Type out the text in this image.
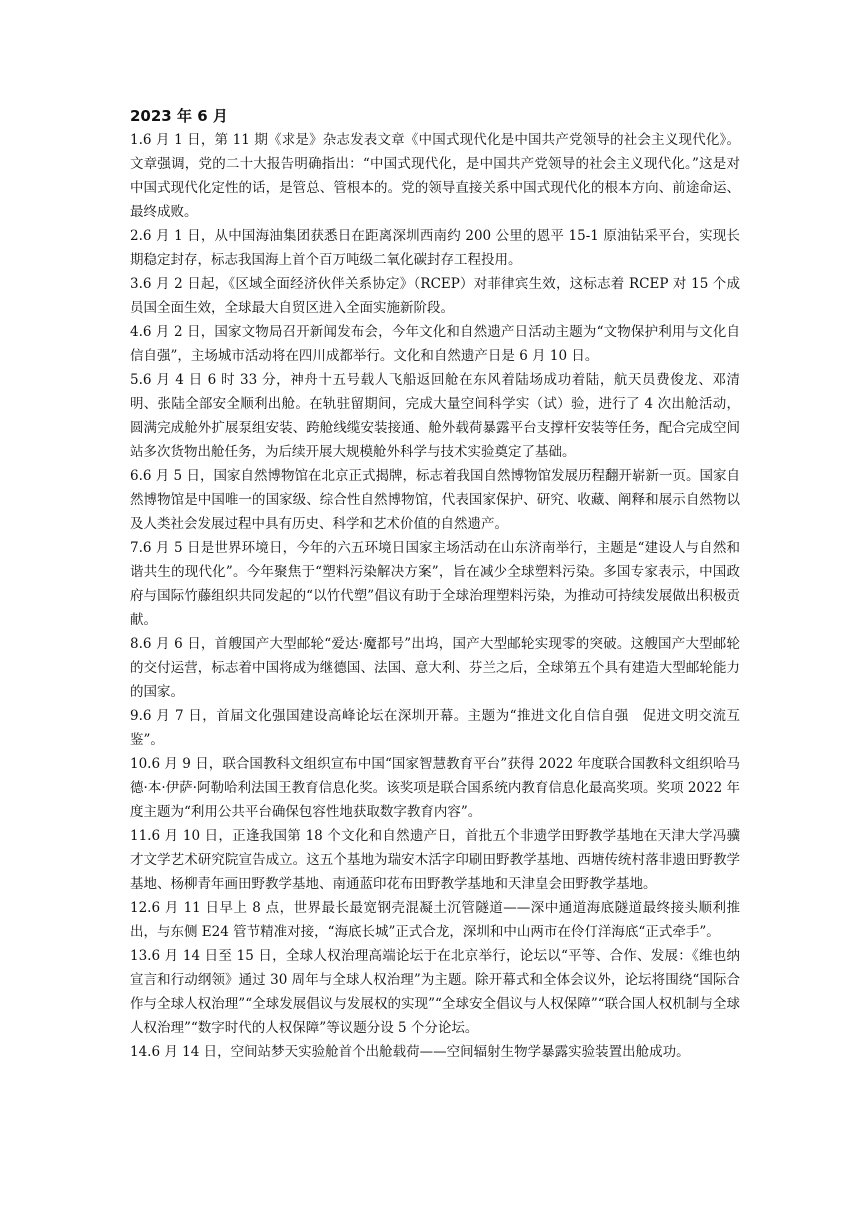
2023 年 6 月

1.6 月 1 日，第 11 期《求是》杂志发表文章《中国式现代化是中国共产党领导的社会主义现代化》。文章强调，党的二十大报告明确指出：“中国式现代化，是中国共产党领导的社会主义现代化。”这是对中国式现代化定性的话，是管总、管根本的。党的领导直接关系中国式现代化的根本方向、前途命运、最终成败。

2.6 月 1 日，从中国海油集团获悉日在距离深圳西南约 200 公里的恩平 15-1 原油钻采平台，实现长期稳定封存，标志我国海上首个百万吨级二氧化碳封存工程投用。

3.6 月 2 日起，《区域全面经济伙伴关系协定》（RCEP）对菲律宾生效，这标志着 RCEP 对 15 个成员国全面生效，全球最大自贸区进入全面实施新阶段。

4.6 月 2 日，国家文物局召开新闻发布会，今年文化和自然遗产日活动主题为“文物保护利用与文化自信自强”，主场城市活动将在四川成都举行。文化和自然遗产日是 6 月 10 日。

5.6 月 4 日 6 时 33 分，神舟十五号载人飞船返回舱在东风着陆场成功着陆，航天员费俊龙、邓清明、张陆全部安全顺利出舱。在轨驻留期间，完成大量空间科学实（试）验，进行了 4 次出舱活动，圆满完成舱外扩展泵组安装、跨舱线缆安装接通、舱外载荷暴露平台支撑杆安装等任务，配合完成空间站多次货物出舱任务，为后续开展大规模舱外科学与技术实验奠定了基础。

6.6 月 5 日，国家自然博物馆在北京正式揭牌，标志着我国自然博物馆发展历程翻开崭新一页。国家自然博物馆是中国唯一的国家级、综合性自然博物馆，代表国家保护、研究、收藏、阐释和展示自然物以及人类社会发展过程中具有历史、科学和艺术价值的自然遗产。

7.6 月 5 日是世界环境日，今年的六五环境日国家主场活动在山东济南举行，主题是“建设人与自然和谐共生的现代化”。今年聚焦于“塑料污染解决方案”，旨在减少全球塑料污染。多国专家表示，中国政府与国际竹藤组织共同发起的“以竹代塑”倡议有助于全球治理塑料污染，为推动可持续发展做出积极贡献。

8.6 月 6 日，首艘国产大型邮轮“爱达·魔都号”出坞，国产大型邮轮实现零的突破。这艘国产大型邮轮的交付运营，标志着中国将成为继德国、法国、意大利、芬兰之后，全球第五个具有建造大型邮轮能力的国家。

9.6 月 7 日，首届文化强国建设高峰论坛在深圳开幕。主题为“推进文化自信自强　促进文明交流互鉴”。

10.6 月 9 日，联合国教科文组织宣布中国“国家智慧教育平台”获得 2022 年度联合国教科文组织哈马德·本·伊萨·阿勒哈利法国王教育信息化奖。该奖项是联合国系统内教育信息化最高奖项。奖项 2022 年度主题为“利用公共平台确保包容性地获取数字教育内容”。

11.6 月 10 日，正逢我国第 18 个文化和自然遗产日，首批五个非遗学田野教学基地在天津大学冯骥才文学艺术研究院宣告成立。这五个基地为瑞安木活字印刷田野教学基地、西塘传统村落非遗田野教学基地、杨柳青年画田野教学基地、南通蓝印花布田野教学基地和天津皇会田野教学基地。

12.6 月 11 日早上 8 点，世界最长最宽钢壳混凝土沉管隧道——深中通道海底隧道最终接头顺利推出，与东侧 E24 管节精准对接，“海底长城”正式合龙，深圳和中山两市在伶仃洋海底“正式牵手”。

13.6 月 14 日至 15 日，全球人权治理高端论坛于在北京举行，论坛以“平等、合作、发展：《维也纳宣言和行动纲领》通过 30 周年与全球人权治理”为主题。除开幕式和全体会议外，论坛将围绕“国际合作与全球人权治理”“全球发展倡议与发展权的实现”“全球安全倡议与人权保障”“联合国人权机制与全球人权治理”“数字时代的人权保障”等议题分设 5 个分论坛。

14.6 月 14 日，空间站梦天实验舱首个出舱载荷——空间辐射生物学暴露实验装置出舱成功。
